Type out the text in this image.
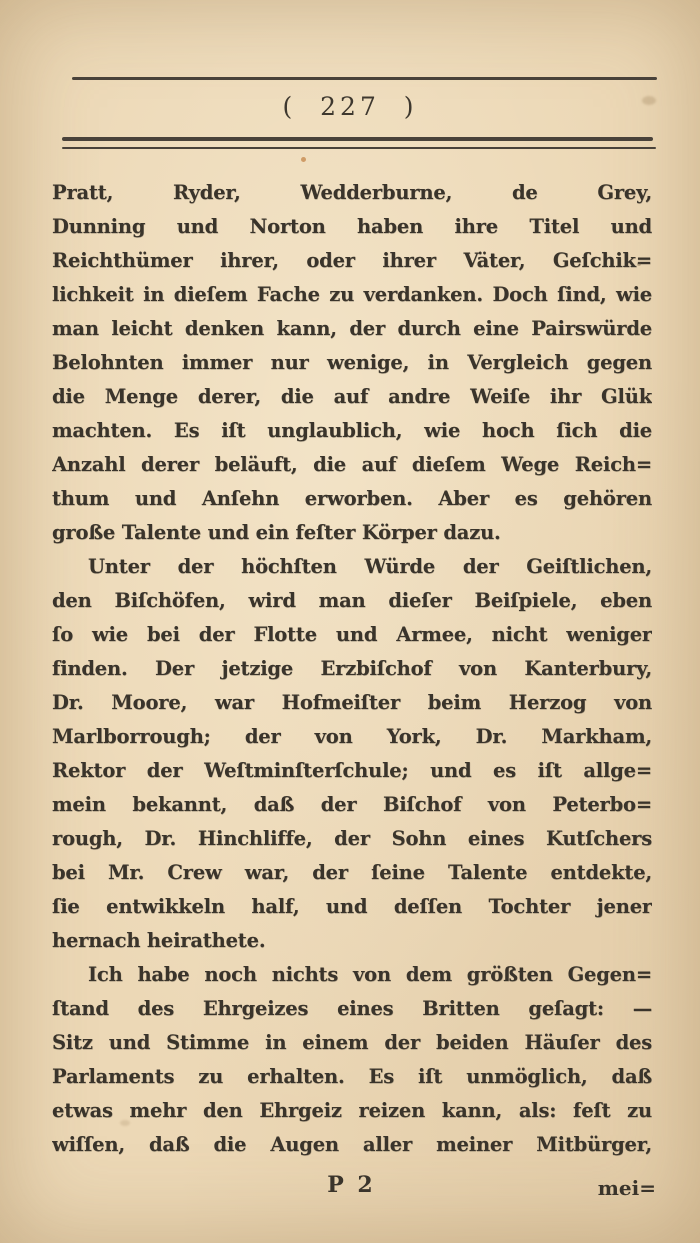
( 227 )
Pratt, Ryder, Wedderburne, de Grey,
Dunning und Norton haben ihre Titel und
Reichthümer ihrer, oder ihrer Väter, Geſchik=
lichkeit in dieſem Fache zu verdanken. Doch ſind, wie
man leicht denken kann, der durch eine Pairswürde
Belohnten immer nur wenige, in Vergleich gegen
die Menge derer, die auf andre Weiſe ihr Glük
machten. Es iſt unglaublich, wie hoch ſich die
Anzahl derer beläuft, die auf dieſem Wege Reich=
thum und Anſehn erworben. Aber es gehören
große Talente und ein feſter Körper dazu.
Unter der höchſten Würde der Geiſtlichen,
den Biſchöfen, wird man dieſer Beiſpiele, eben
ſo wie bei der Flotte und Armee, nicht weniger
finden. Der jetzige Erzbiſchof von Kanterbury,
Dr. Moore, war Hofmeiſter beim Herzog von
Marlborrough; der von York, Dr. Markham,
Rektor der Weſtminſterſchule; und es iſt allge=
mein bekannt, daß der Biſchof von Peterbo=
rough, Dr. Hinchliffe, der Sohn eines Kutſchers
bei Mr. Crew war, der ſeine Talente entdekte,
ſie entwikkeln half, und deſſen Tochter jener
hernach heirathete.
Ich habe noch nichts von dem größten Gegen=
ſtand des Ehrgeizes eines Britten geſagt: —
Sitz und Stimme in einem der beiden Häuſer des
Parlaments zu erhalten. Es iſt unmöglich, daß
etwas mehr den Ehrgeiz reizen kann, als: feſt zu
wiſſen, daß die Augen aller meiner Mitbürger,
P 2	mei=
